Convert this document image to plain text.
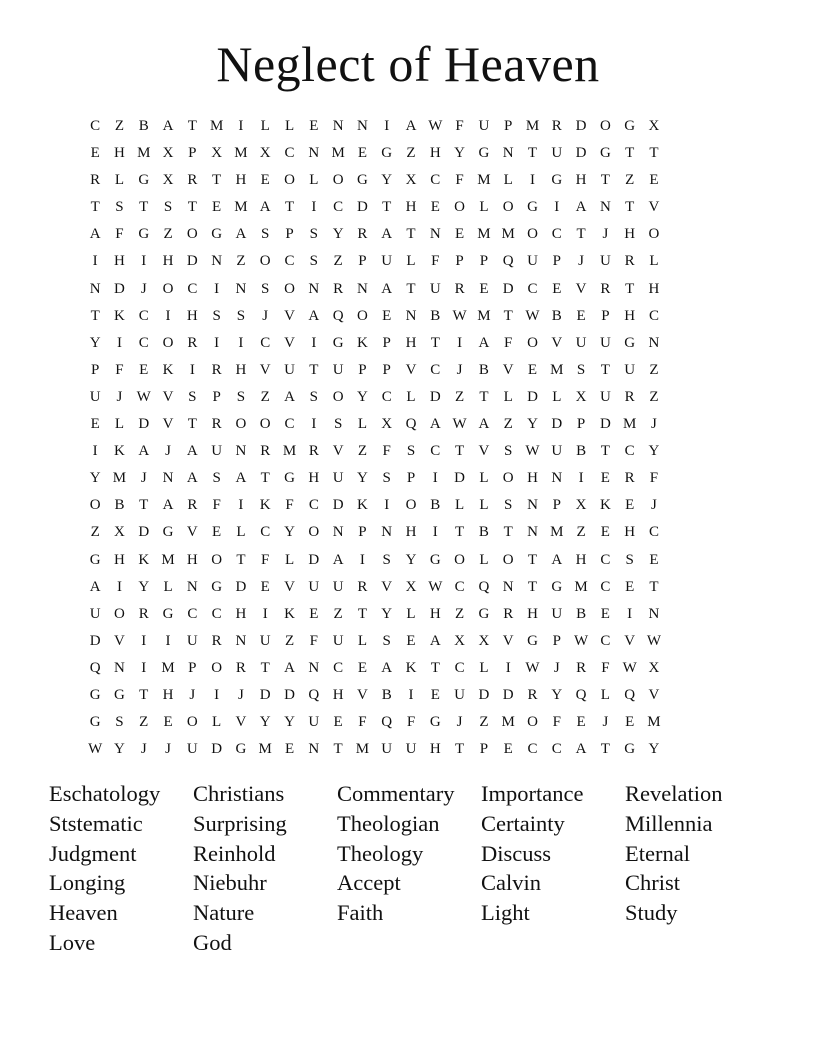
Neglect of Heaven
C Z B A T M I L L E N N I A W F U P M R D O G X
E H M X P X M X C N M E G Z H Y G N T U D G T T
R L G X R T H E O L O G Y X C F M L I G H T Z E
T S T S T E M A T I C D T H E O L O G I A N T V
A F G Z O G A S P S Y R A T N E M M O C T J H O
I H I H D N Z O C S Z P U L F P P Q U P J U R L
N D J O C I N S O N R N A T U R E D C E V R T H
T K C I H S S J V A Q O E N B W M T W B E P H C
Y I C O R I I C V I G K P H T I A F O V U U G N
P F E K I R H V U T U P P V C J B V E M S T U Z
U J W V S P S Z A S O Y C L D Z T L D L X U R Z
E L D V T R O O C I S L X Q A W A Z Y D P D M J
I K A J A U N R M R V Z F S C T V S W U B T C Y
Y M J N A S A T G H U Y S P I D L O H N I E R F
O B T A R F I K F C D K I O B L L S N P X K E J
Z X D G V E L C Y O N P N H I T B T N M Z E H C
G H K M H O T F L D A I S Y G O L O T A H C S E
A I Y L N G D E V U U R V X W C Q N T G M C E T
U O R G C C H I K E Z T Y L H Z G R H U B E I N
D V I I U R N U Z F U L S E A X X V G P W C V W
Q N I M P O R T A N C E A K T C L I W J R F W X
G G T H J I J D D Q H V B I E U D D R Y Q L Q V
G S Z E O L V Y Y U E F Q F G J Z M O F E J E M
W Y J J U D G M E N T M U U H T P E C C A T G Y
Eschatology	Christians	Commentary	Importance	Revelation
Ststematic	Surprising	Theologian	Certainty	Millennia
Judgment	Reinhold	Theology	Discuss	Eternal
Longing	Niebuhr	Accept	Calvin	Christ
Heaven	Nature	Faith	Light	Study
Love	God
